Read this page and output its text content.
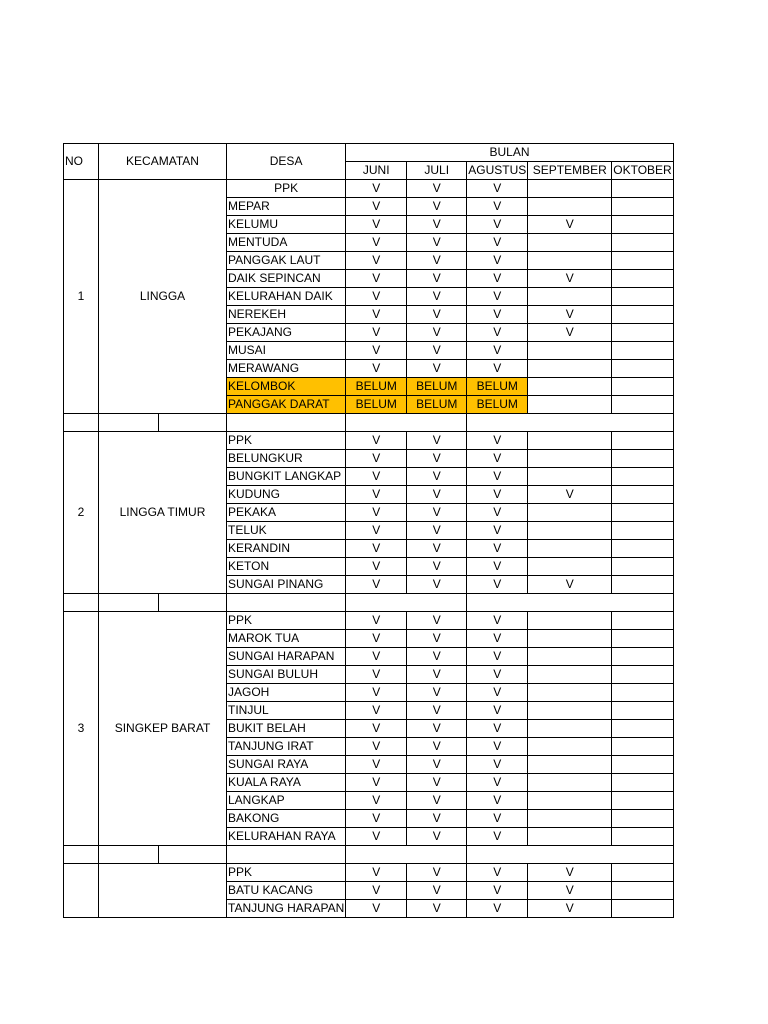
NO	KECAMATAN		DESA	BULAN				
				JUNI	JULI	AGUSTUS	SEPTEMBER	OKTOBER
1	LINGGA		PPK	V	V	V		
			MEPAR	V	V	V		
			KELUMU	V	V	V	V	
			MENTUDA	V	V	V		
			PANGGAK LAUT	V	V	V		
			DAIK SEPINCAN	V	V	V	V	
			KELURAHAN DAIK	V	V	V		
			NEREKEH	V	V	V	V	
			PEKAJANG	V	V	V	V	
			MUSAI	V	V	V		
			MERAWANG	V	V	V		
			KELOMBOK	BELUM	BELUM	BELUM		
			PANGGAK DARAT	BELUM	BELUM	BELUM		

2	LINGGA TIMUR		PPK	V	V	V		
			BELUNGKUR	V	V	V		
			BUNGKIT LANGKAP	V	V	V		
			KUDUNG	V	V	V	V	
			PEKAKA	V	V	V		
			TELUK	V	V	V		
			KERANDIN	V	V	V		
			KETON	V	V	V		
			SUNGAI PINANG	V	V	V	V	

3	SINGKEP BARAT		PPK	V	V	V		
			MAROK TUA	V	V	V		
			SUNGAI HARAPAN	V	V	V		
			SUNGAI BULUH	V	V	V		
			JAGOH	V	V	V		
			TINJUL	V	V	V		
			BUKIT BELAH	V	V	V		
			TANJUNG IRAT	V	V	V		
			SUNGAI RAYA	V	V	V		
			KUALA RAYA	V	V	V		
			LANGKAP	V	V	V		
			BAKONG	V	V	V		
			KELURAHAN RAYA	V	V	V		

			PPK	V	V	V	V	
			BATU KACANG	V	V	V	V	
			TANJUNG HARAPAN	V	V	V	V	
